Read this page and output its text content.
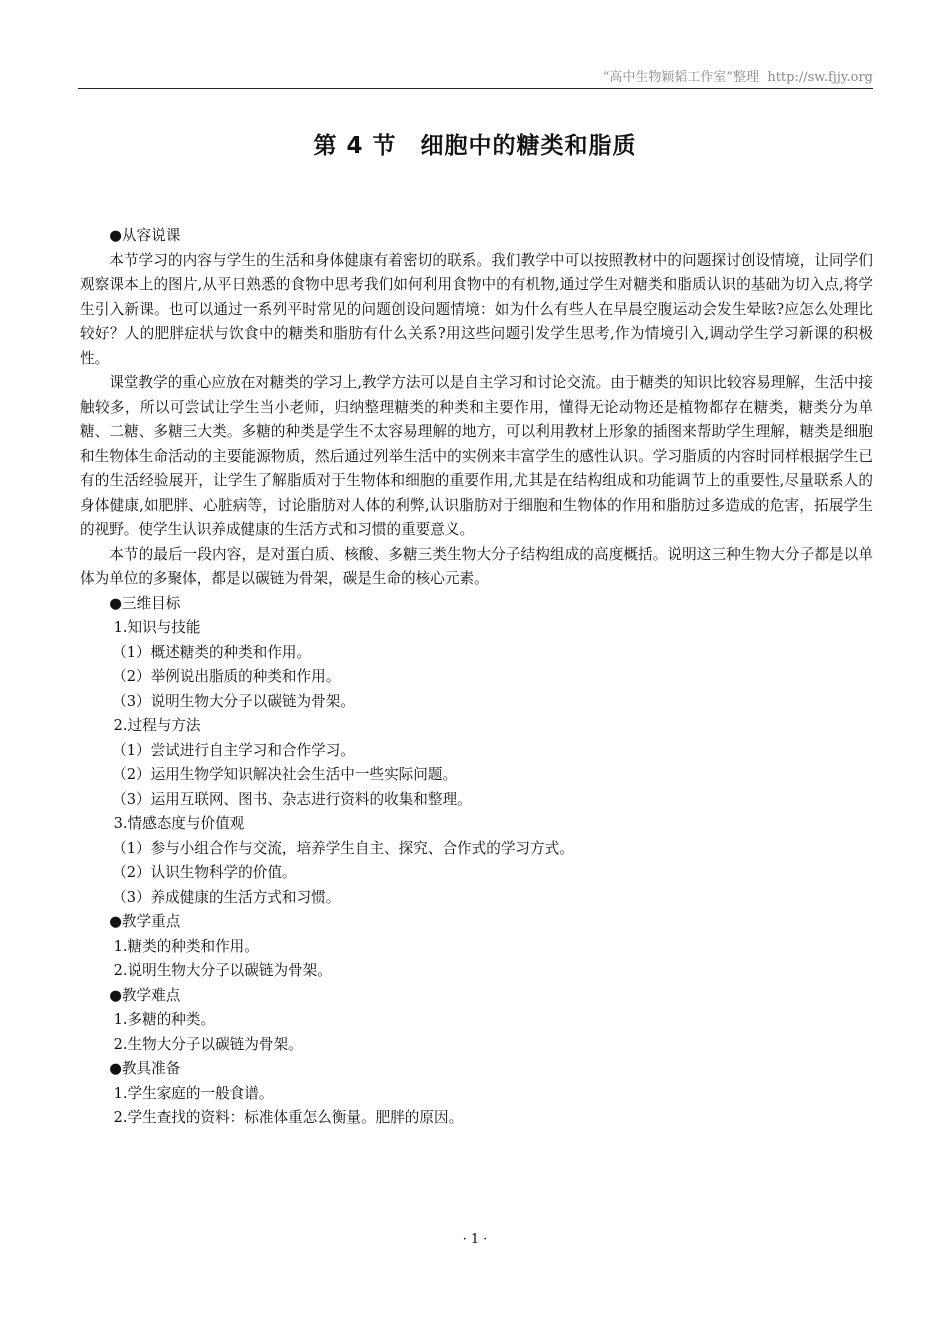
“高中生物颖韬工作室”整理 http://sw.fjjy.org
第 4 节　细胞中的糖类和脂质

●从容说课

本节学习的内容与学生的生活和身体健康有着密切的联系。我们教学中可以按照教材中的问题探讨创设情境，让同学们观察课本上的图片,从平日熟悉的食物中思考我们如何利用食物中的有机物,通过学生对糖类和脂质认识的基础为切入点,将学生引入新课。也可以通过一系列平时常见的问题创设问题情境：如为什么有些人在早晨空腹运动会发生晕眩?应怎么处理比较好？人的肥胖症状与饮食中的糖类和脂肪有什么关系?用这些问题引发学生思考,作为情境引入,调动学生学习新课的积极性。

课堂教学的重心应放在对糖类的学习上,教学方法可以是自主学习和讨论交流。由于糖类的知识比较容易理解，生活中接触较多，所以可尝试让学生当小老师，归纳整理糖类的种类和主要作用，懂得无论动物还是植物都存在糖类，糖类分为单糖、二糖、多糖三大类。多糖的种类是学生不太容易理解的地方，可以利用教材上形象的插图来帮助学生理解，糖类是细胞和生物体生命活动的主要能源物质，然后通过列举生活中的实例来丰富学生的感性认识。学习脂质的内容时同样根据学生已有的生活经验展开，让学生了解脂质对于生物体和细胞的重要作用,尤其是在结构组成和功能调节上的重要性,尽量联系人的身体健康,如肥胖、心脏病等，讨论脂肪对人体的利弊,认识脂肪对于细胞和生物体的作用和脂肪过多造成的危害，拓展学生的视野。使学生认识养成健康的生活方式和习惯的重要意义。

本节的最后一段内容，是对蛋白质、核酸、多糖三类生物大分子结构组成的高度概括。说明这三种生物大分子都是以单体为单位的多聚体，都是以碳链为骨架，碳是生命的核心元素。

●三维目标

1.知识与技能

（1）概述糖类的种类和作用。

（2）举例说出脂质的种类和作用。

（3）说明生物大分子以碳链为骨架。

2.过程与方法

（1）尝试进行自主学习和合作学习。

（2）运用生物学知识解决社会生活中一些实际问题。

（3）运用互联网、图书、杂志进行资料的收集和整理。

3.情感态度与价值观

（1）参与小组合作与交流，培养学生自主、探究、合作式的学习方式。

（2）认识生物科学的价值。

（3）养成健康的生活方式和习惯。

●教学重点

1.糖类的种类和作用。

2.说明生物大分子以碳链为骨架。

●教学难点

1.多糖的种类。

2.生物大分子以碳链为骨架。

●教具准备

1.学生家庭的一般食谱。

2.学生查找的资料：标准体重怎么衡量。肥胖的原因。

· 1 ·
